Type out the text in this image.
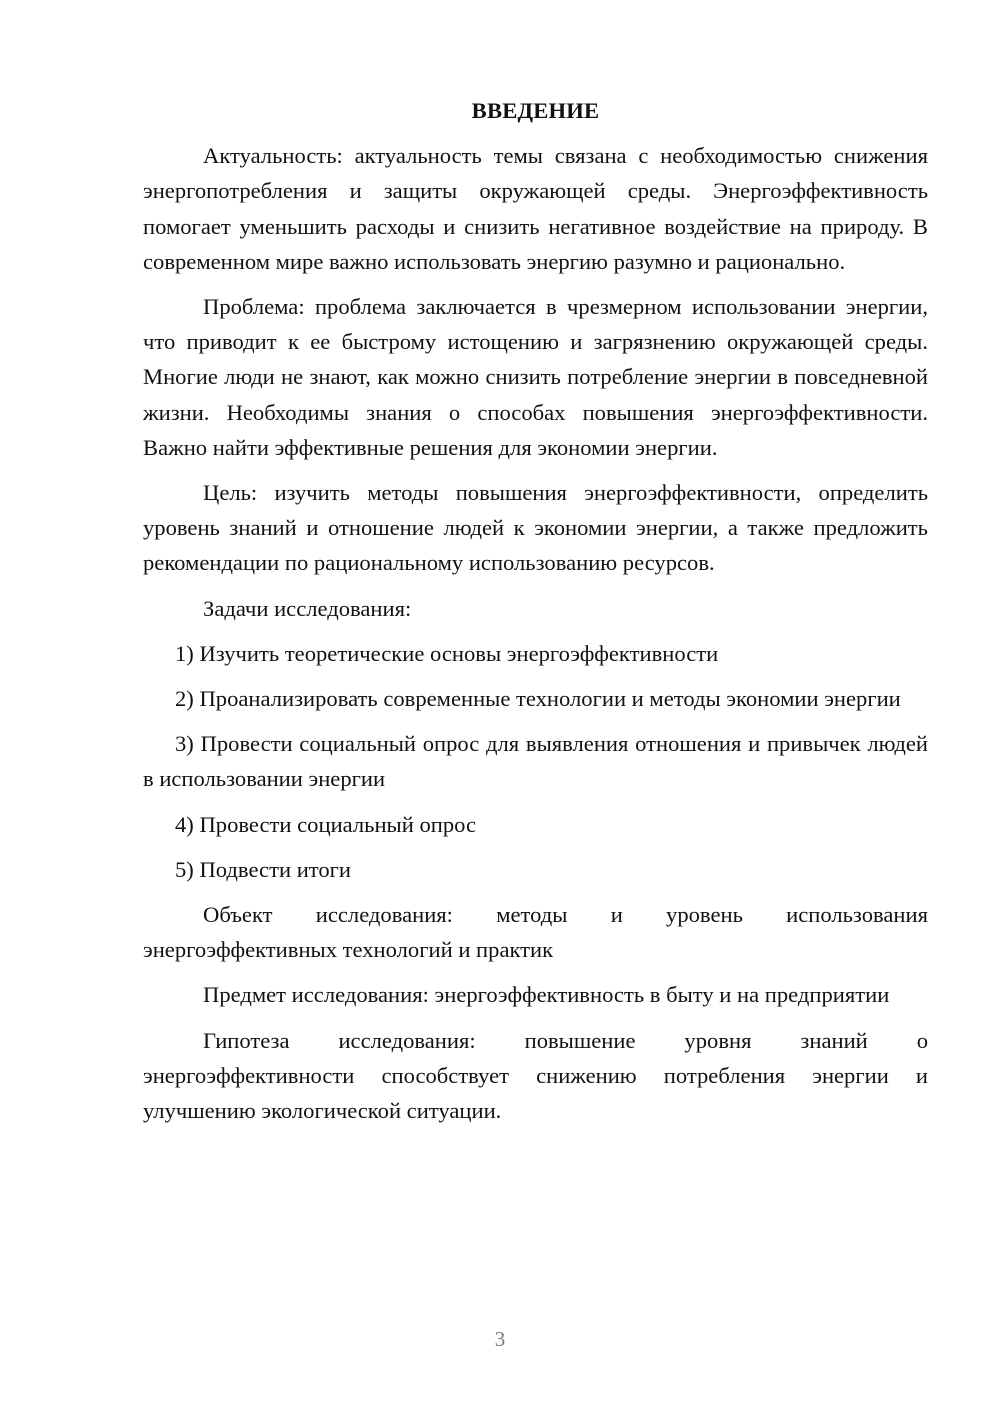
ВВЕДЕНИЕ
Актуальность: актуальность темы связана с необходимостью снижения энергопотребления и защиты окружающей среды. Энергоэффективность помогает уменьшить расходы и снизить негативное воздействие на природу. В современном мире важно использовать энергию разумно и рационально.
Проблема: проблема заключается в чрезмерном использовании энергии, что приводит к ее быстрому истощению и загрязнению окружающей среды. Многие люди не знают, как можно снизить потребление энергии в повседневной жизни. Необходимы знания о способах повышения энергоэффективности. Важно найти эффективные решения для экономии энергии.
Цель: изучить методы повышения энергоэффективности, определить уровень знаний и отношение людей к экономии энергии, а также предложить рекомендации по рациональному использованию ресурсов.
Задачи исследования:
1) Изучить теоретические основы энергоэффективности
2) Проанализировать современные технологии и методы экономии энергии
3) Провести социальный опрос для выявления отношения и привычек людей в использовании энергии
4) Провести социальный опрос
5) Подвести итоги
Объект исследования: методы и уровень использования энергоэффективных технологий и практик
Предмет исследования: энергоэффективность в быту и на предприятии
Гипотеза исследования: повышение уровня знаний о энергоэффективности способствует снижению потребления энергии и улучшению экологической ситуации.
3
